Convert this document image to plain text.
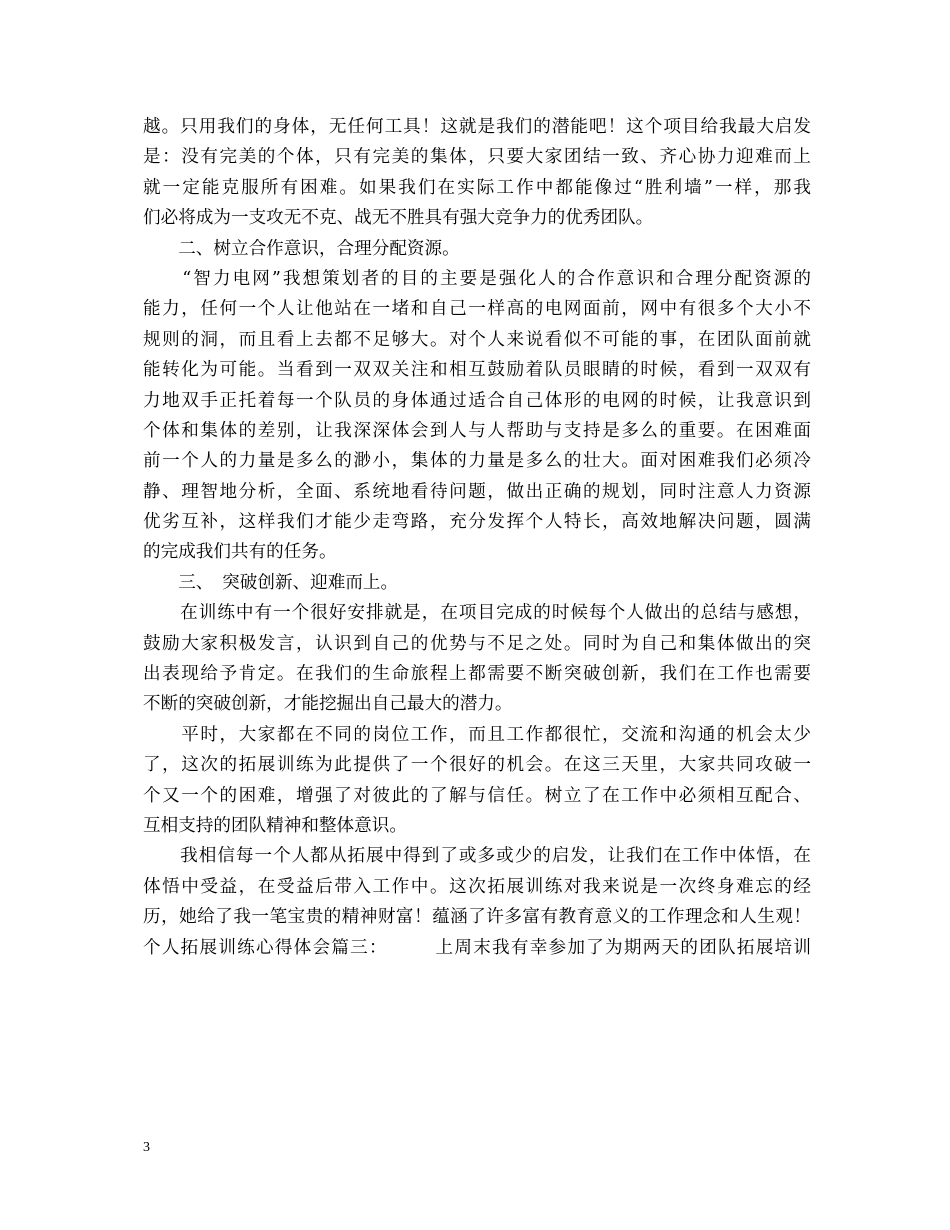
越。只用我们的身体，无任何工具！这就是我们的潜能吧！这个项目给我最大启发
是：没有完美的个体，只有完美的集体，只要大家团结一致、齐心协力迎难而上
就一定能克服所有困难。如果我们在实际工作中都能像过“胜利墙”一样，那我
们必将成为一支攻无不克、战无不胜具有强大竞争力的优秀团队。
　　二、树立合作意识，合理分配资源。
　　“智力电网”我想策划者的目的主要是强化人的合作意识和合理分配资源的
能力，任何一个人让他站在一堵和自己一样高的电网面前，网中有很多个大小不
规则的洞，而且看上去都不足够大。对个人来说看似不可能的事，在团队面前就
能转化为可能。当看到一双双关注和相互鼓励着队员眼睛的时候，看到一双双有
力地双手正托着每一个队员的身体通过适合自己体形的电网的时候，让我意识到
个体和集体的差别，让我深深体会到人与人帮助与支持是多么的重要。在困难面
前一个人的力量是多么的渺小，集体的力量是多么的壮大。面对困难我们必须冷
静、理智地分析，全面、系统地看待问题，做出正确的规划，同时注意人力资源
优劣互补，这样我们才能少走弯路，充分发挥个人特长，高效地解决问题，圆满
的完成我们共有的任务。
　　三、　突破创新、迎难而上。
　　在训练中有一个很好安排就是，在项目完成的时候每个人做出的总结与感想，
鼓励大家积极发言，认识到自己的优势与不足之处。同时为自己和集体做出的突
出表现给予肯定。在我们的生命旅程上都需要不断突破创新，我们在工作也需要
不断的突破创新，才能挖掘出自己最大的潜力。
　　平时，大家都在不同的岗位工作，而且工作都很忙，交流和沟通的机会太少
了，这次的拓展训练为此提供了一个很好的机会。在这三天里，大家共同攻破一
个又一个的困难，增强了对彼此的了解与信任。树立了在工作中必须相互配合、
互相支持的团队精神和整体意识。
　　我相信每一个人都从拓展中得到了或多或少的启发，让我们在工作中体悟，在
体悟中受益，在受益后带入工作中。这次拓展训练对我来说是一次终身难忘的经
历，她给了我一笔宝贵的精神财富！蕴涵了许多富有教育意义的工作理念和人生观！
个人拓展训练心得体会篇三：　　　上周末我有幸参加了为期两天的团队拓展培训
3
